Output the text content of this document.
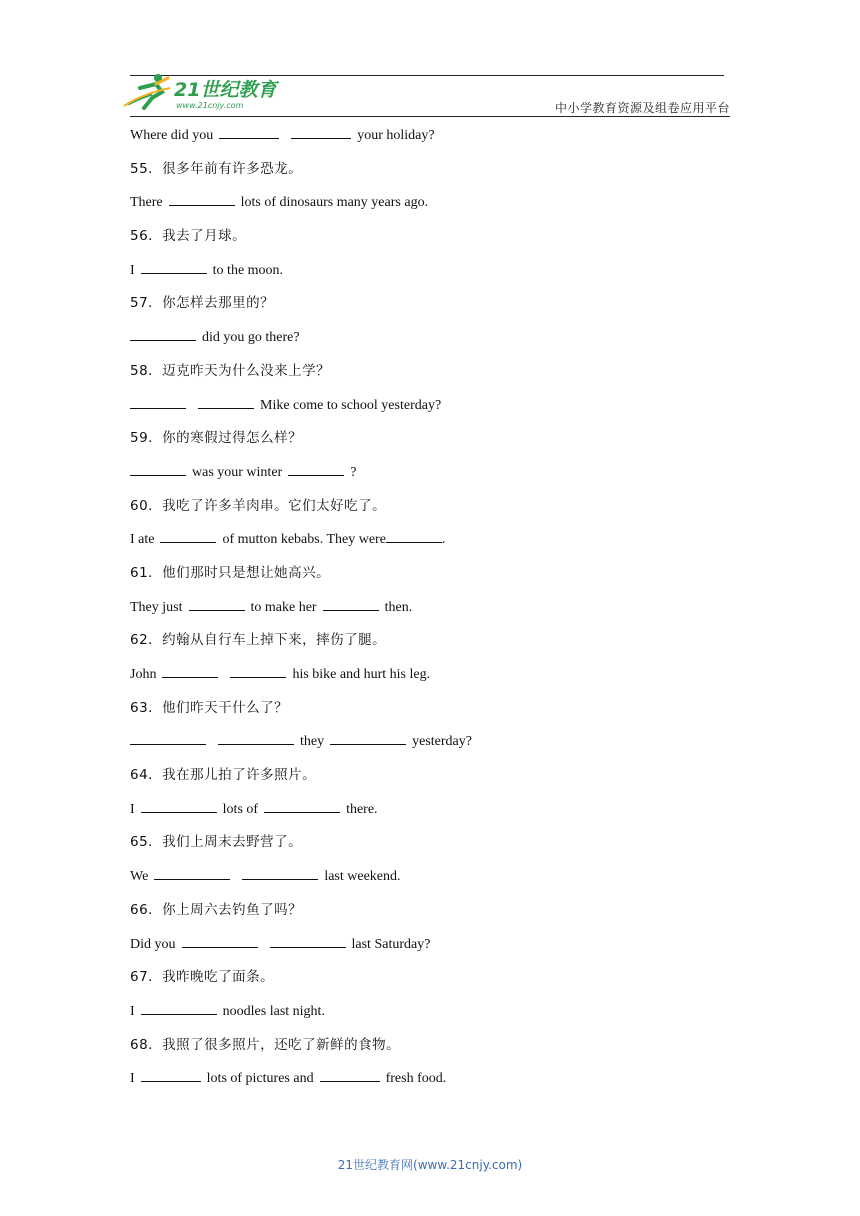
21世纪教育
www.21cnjy.com	中小学教育资源及组卷应用平台
Where did you	your holiday?
55．很多年前有许多恐龙。
There	lots of dinosaurs many years ago.
56．我去了月球。
I	to the moon.
57．你怎样去那里的？
did you go there?
58．迈克昨天为什么没来上学？
Mike come to school yesterday?
59．你的寒假过得怎么样？
was your winter	?
60．我吃了许多羊肉串。它们太好吃了。
I ate	of mutton kebabs. They were	.
61．他们那时只是想让她高兴。
They just	to make her	then.
62．约翰从自行车上掉下来，摔伤了腿。
John	his bike and hurt his leg.
63．他们昨天干什么了？
they	yesterday?
64．我在那儿拍了许多照片。
I	lots of	there.
65．我们上周末去野营了。
We	last weekend.
66．你上周六去钓鱼了吗？
Did you	last Saturday?
67．我昨晚吃了面条。
I	noodles last night.
68．我照了很多照片，还吃了新鲜的食物。
I	lots of pictures and	fresh food.
21世纪教育网(www.21cnjy.com)
